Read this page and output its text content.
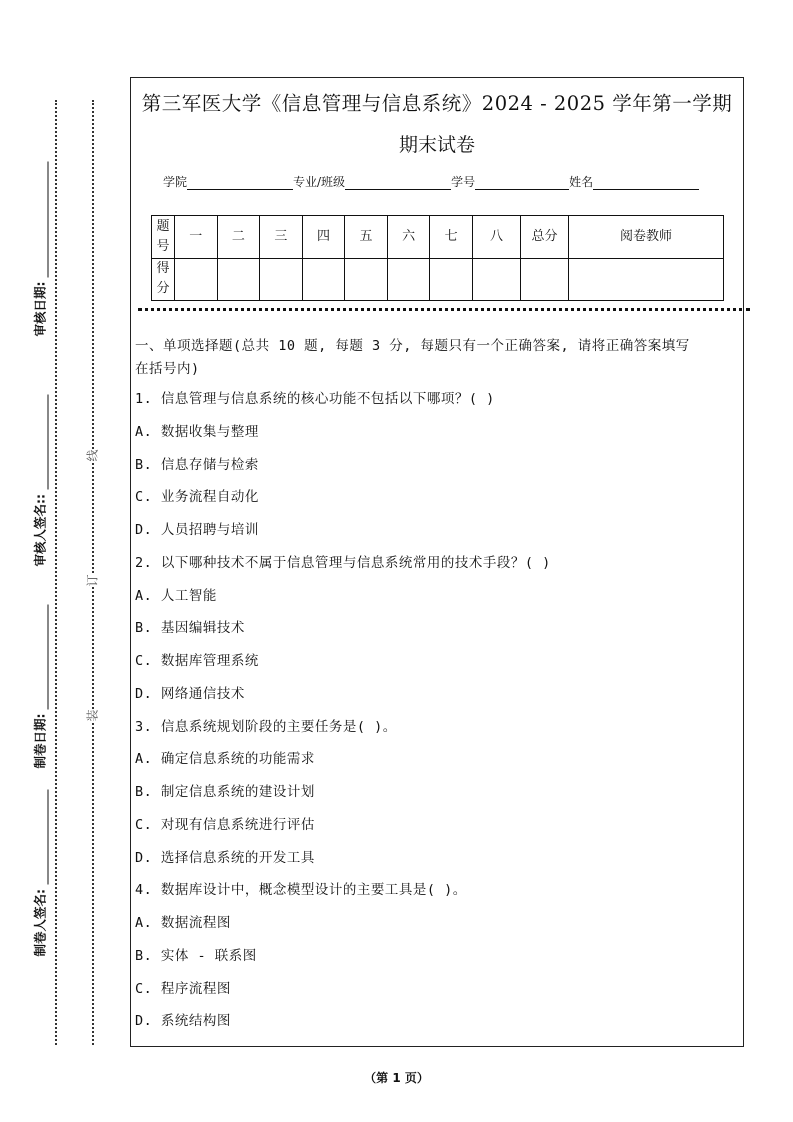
审核日期:
审核人签名::
制卷日期:
制卷人签名:
线
订
装
第三军医大学《信息管理与信息系统》2024 - 2025 学年第一学期
期末试卷
学院	专业/班级	学号	姓名
题号	一	二	三	四	五	六	七	八	总分	阅卷教师
得分										
一、单项选择题(总共 10 题, 每题 3 分, 每题只有一个正确答案, 请将正确答案填写
在括号内)
1. 信息管理与信息系统的核心功能不包括以下哪项？( )
A. 数据收集与整理
B. 信息存储与检索
C. 业务流程自动化
D. 人员招聘与培训
2. 以下哪种技术不属于信息管理与信息系统常用的技术手段？( )
A. 人工智能
B. 基因编辑技术
C. 数据库管理系统
D. 网络通信技术
3. 信息系统规划阶段的主要任务是( )。
A. 确定信息系统的功能需求
B. 制定信息系统的建设计划
C. 对现有信息系统进行评估
D. 选择信息系统的开发工具
4. 数据库设计中，概念模型设计的主要工具是( )。
A. 数据流程图
B. 实体 - 联系图
C. 程序流程图
D. 系统结构图
（第 1 页）
